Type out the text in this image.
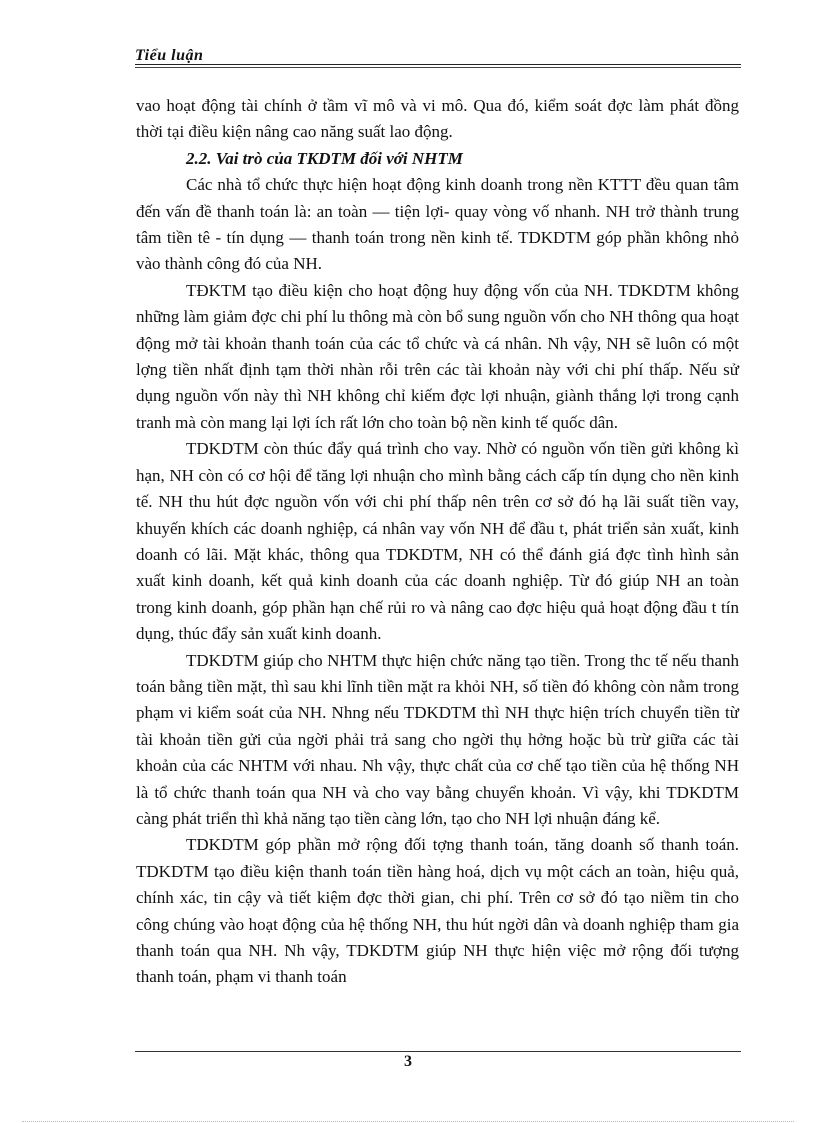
Tiểu luận

vao hoạt động tài chính ở tầm vĩ mô và vi mô. Qua đó, kiểm soát đợc làm phát đồng thời tại điều kiện nâng cao năng suất lao động.

2.2. Vai trò của TKDTM đối với NHTM

Các nhà tổ chức thực hiện hoạt động kinh doanh trong nền KTTT đều quan tâm đến vấn đề thanh toán là: an toàn — tiện lợi- quay vòng vố nhanh. NH trở thành trung tâm tiền tê - tín dụng — thanh toán trong nền kinh tế. TDKDTM góp phần không nhỏ vào thành công đó của NH.

TĐKTM tạo điều kiện cho hoạt động huy động vốn của NH. TDKDTM không những làm giảm đợc chi phí lu thông mà còn bổ sung nguồn vốn cho NH thông qua hoạt động mở tài khoản thanh toán của các tổ chức và cá nhân. Nh vậy, NH sẽ luôn có một lợng tiền nhất định tạm thời nhàn rỗi trên các tài khoản này với chi phí thấp. Nếu sử dụng nguồn vốn này thì NH không chỉ kiếm đợc lợi nhuận, giành thắng lợi trong cạnh tranh mà còn mang lại lợi ích rất lớn cho toàn bộ nền kinh tế quốc dân.

TDKDTM còn thúc đẩy quá trình cho vay. Nhờ có nguồn vốn tiền gửi không kì hạn, NH còn có cơ hội để tăng lợi nhuận cho mình bằng cách cấp tín dụng cho nền kinh tế. NH thu hút đợc nguồn vốn với chi phí thấp nên trên cơ sở đó hạ lãi suất tiền vay, khuyến khích các doanh nghiệp, cá nhân vay vốn NH để đầu t, phát triển sản xuất, kinh doanh có lãi. Mặt khác, thông qua TDKDTM, NH có thể đánh giá đợc tình hình sản xuất kinh doanh, kết quả kinh doanh của các doanh nghiệp. Từ đó giúp NH an toàn trong kinh doanh, góp phần hạn chế rủi ro và nâng cao đợc hiệu quả hoạt động đầu t tín dụng, thúc đẩy sản xuất kinh doanh.

TDKDTM giúp cho NHTM thực hiện chức năng tạo tiền. Trong thc tế nếu thanh toán bằng tiền mặt, thì sau khi lĩnh tiền mặt ra khỏi NH, số tiền đó không còn nằm trong phạm vi kiểm soát của NH. Nhng nếu TDKDTM thì NH thực hiện trích chuyển tiền từ tài khoản tiền gửi của ngời phải trả sang cho ngời thụ hởng hoặc bù trừ giữa các tài khoản của các NHTM với nhau. Nh vậy, thực chất của cơ chế tạo tiền của hệ thống NH là tổ chức thanh toán qua NH và cho vay bằng chuyển khoản. Vì vậy, khi TDKDTM càng phát triển thì khả năng tạo tiền càng lớn, tạo cho NH lợi nhuận đáng kể.

TDKDTM góp phần mở rộng đối tợng thanh toán, tăng doanh số thanh toán. TDKDTM tạo điều kiện thanh toán tiền hàng hoá, dịch vụ một cách an toàn, hiệu quả, chính xác, tin cậy và tiết kiệm đợc thời gian, chi phí. Trên cơ sở đó tạo niềm tin cho công chúng vào hoạt động của hệ thống NH, thu hút ngời dân và doanh nghiệp tham gia thanh toán qua NH. Nh vậy, TDKDTM giúp NH thực hiện việc mở rộng đối tượng thanh toán, phạm vi thanh toán

3
